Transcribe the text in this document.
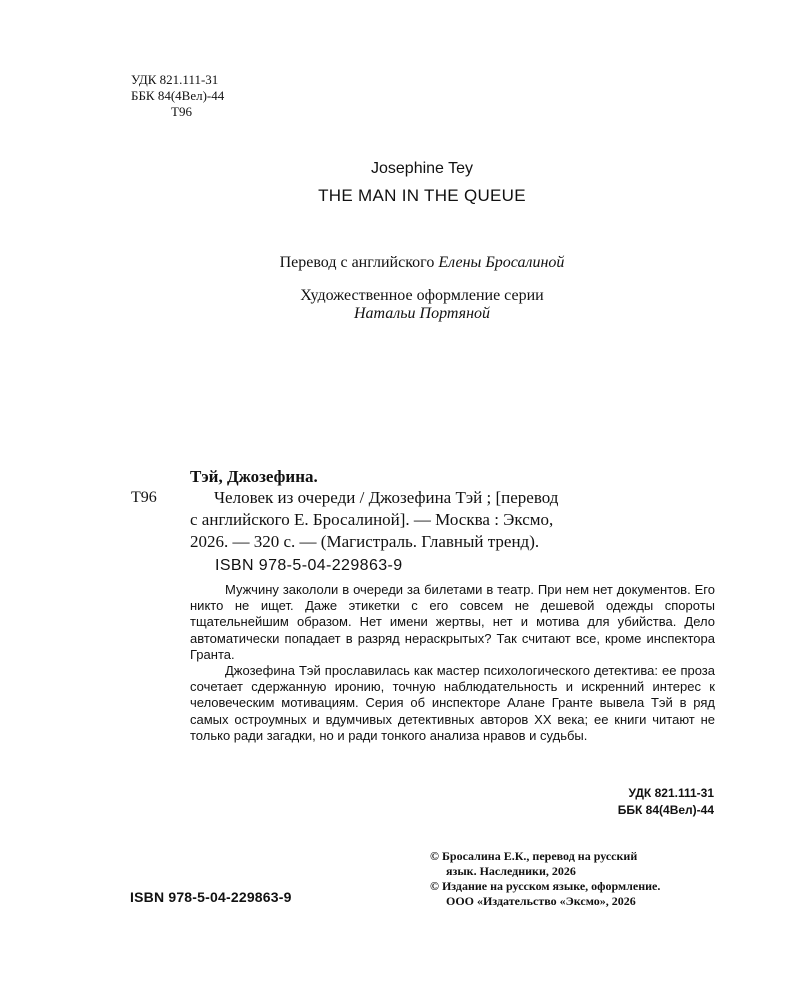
УДК 821.111-31
ББК 84(4Вел)-44
Т96
Josephine Tey
THE MAN IN THE QUEUE
Перевод с английского Елены Бросалиной
Художественное оформление серии
Натальи Портяной
Тэй, Джозефина.
Т96	Человек из очереди / Джозефина Тэй ; [перевод

с английского Е. Бросалиной]. — Москва : Эксмо,
2026. — 320 с. — (Магистраль. Главный тренд).
ISBN 978-5-04-229863-9

Мужчину закололи в очереди за билетами в театр. При нем нет документов. Его никто не ищет. Даже этикетки с его совсем не дешевой одежды спороты тщательнейшим образом. Нет имени жертвы, нет и мотива для убийства. Дело автоматически попадает в разряд нераскрытых? Так считают все, кроме инспектора Гранта.

Джозефина Тэй прославилась как мастер психологического детектива: ее проза сочетает сдержанную иронию, точную наблюдательность и искренний интерес к человеческим мотивациям. Серия об инспекторе Алане Гранте вывела Тэй в ряд самых остроумных и вдумчивых детективных авторов XX века; ее книги читают не только ради загадки, но и ради тонкого анализа нравов и судьбы.

УДК 821.111-31
ББК 84(4Вел)-44
© Бросалина Е.К., перевод на русский
язык. Наследники, 2026
© Издание на русском языке, оформление.
ООО «Издательство «Эксмо», 2026
ISBN 978-5-04-229863-9
